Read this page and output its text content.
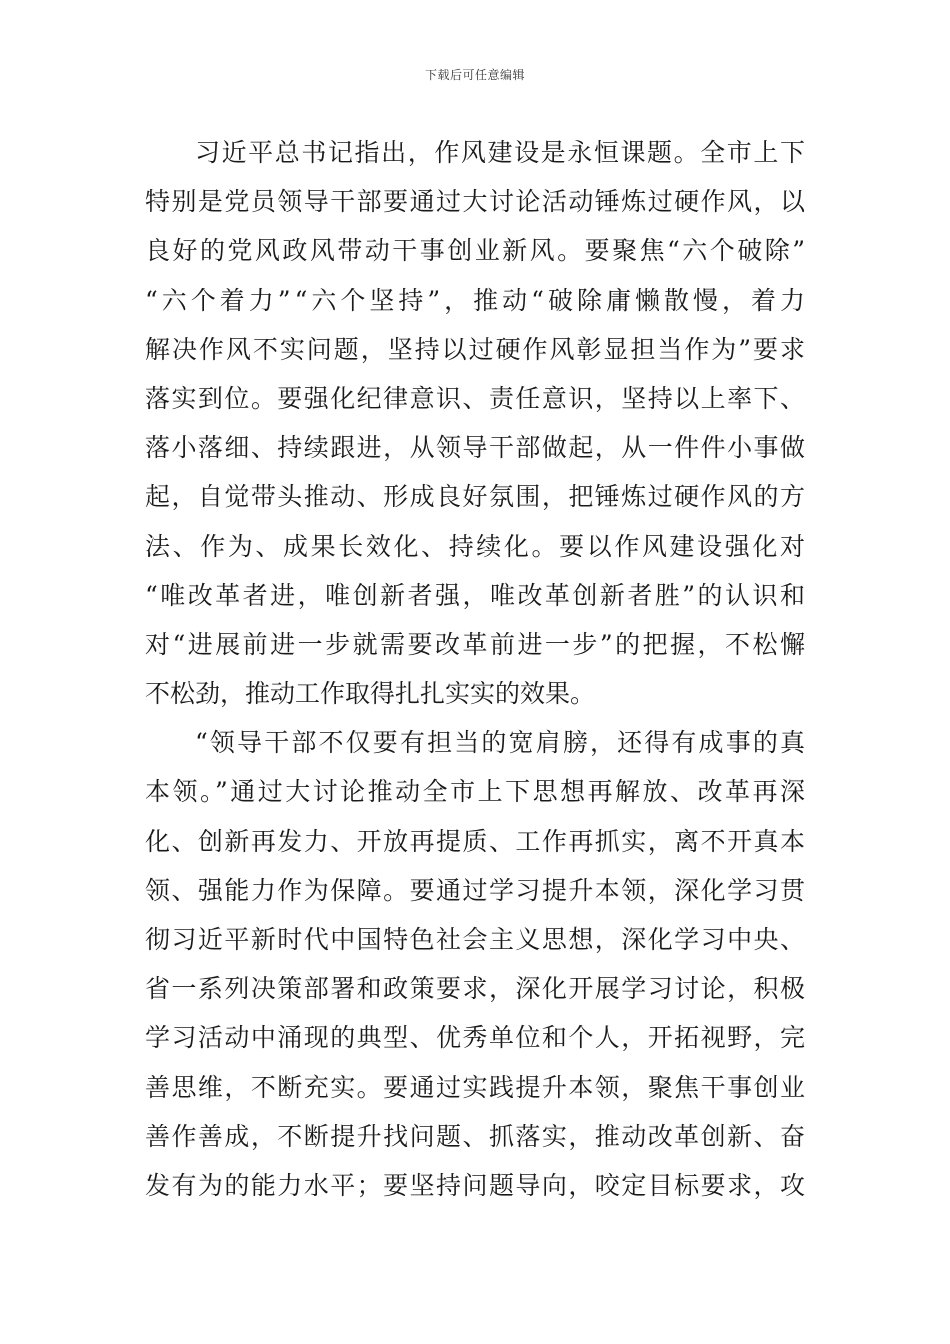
下载后可任意编辑
习近平总书记指出，作风建设是永恒课题。全市上下
特别是党员领导干部要通过大讨论活动锤炼过硬作风，以
良好的党风政风带动干事创业新风。要聚焦“六个破除”
“六个着力”“六个坚持”，推动“破除庸懒散慢，着力
解决作风不实问题，坚持以过硬作风彰显担当作为”要求
落实到位。要强化纪律意识、责任意识，坚持以上率下、
落小落细、持续跟进，从领导干部做起，从一件件小事做
起，自觉带头推动、形成良好氛围，把锤炼过硬作风的方
法、作为、成果长效化、持续化。要以作风建设强化对
“唯改革者进，唯创新者强，唯改革创新者胜”的认识和
对“进展前进一步就需要改革前进一步”的把握，不松懈
不松劲，推动工作取得扎扎实实的效果。
“领导干部不仅要有担当的宽肩膀，还得有成事的真
本领。”通过大讨论推动全市上下思想再解放、改革再深
化、创新再发力、开放再提质、工作再抓实，离不开真本
领、强能力作为保障。要通过学习提升本领，深化学习贯
彻习近平新时代中国特色社会主义思想，深化学习中央、
省一系列决策部署和政策要求，深化开展学习讨论，积极
学习活动中涌现的典型、优秀单位和个人，开拓视野，完
善思维，不断充实。要通过实践提升本领，聚焦干事创业
善作善成，不断提升找问题、抓落实，推动改革创新、奋
发有为的能力水平；要坚持问题导向，咬定目标要求，攻
